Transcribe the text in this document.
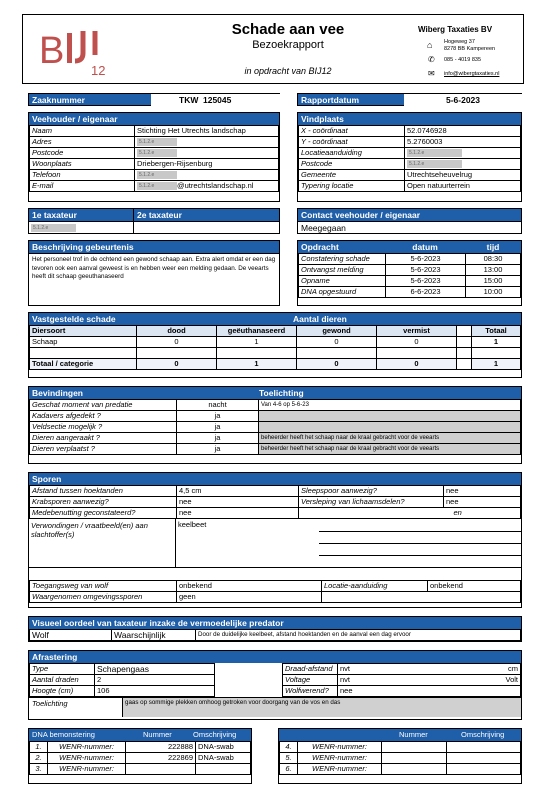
B 12
Schade aan vee
Bezoekrapport
in opdracht van BIJ12
Wiberg Taxaties BV
⌂ Hogeweg 37
8278 BB Kampereen
✆ 085 - 4019 835
✉ info@wibergtaxaties.nl
Zaaknummer	TKW 125045	Rapportdatum	5-6-2023
Veehouder / eigenaar
Naam	Stichting Het Utrechts landschap
Adres	5.1.2.e
Postcode	5.1.2.e
Woonplaats	Driebergen-Rijsenburg
Telefoon	5.1.2.e
E-mail	5.1.2.e @utrechtslandschap.nl
Vindplaats
X - coördinaat	52.0746928
Y - coördinaat	5.2760003
Locatieaanduiding	5.1.2.e
Postcode	5.1.2.e
Gemeente	Utrechtseheuvelrug
Typering locatie	Open natuurterrein
1e taxateur	2e taxateur
5.1.2.e
Contact veehouder / eigenaar
Meegegaan
Beschrijving gebeurtenis
Het personeel trof in de ochtend een gewond schaap aan. Extra alert omdat er een dag tevoren ook een aanval geweest is en hebben weer een melding gedaan. De veearts heeft dit schaap geeuthanaseerd
Opdracht	datum	tijd
Constatering schade	5-6-2023	08:30
Ontvangst melding	5-6-2023	13:00
Opname	5-6-2023	15:00
DNA opgestuurd	6-6-2023	10:00
Vastgestelde schade	Aantal dieren
Diersoort	dood	geëuthanaseerd	gewond	vermist		Totaal
Schaap	0	1	0	0		1

Totaal / categorie	0	1	0	0		1
Bevindingen	Toelichting
Geschat moment van predatie	nacht	Van 4-6 op 5-6-23
Kadavers afgedekt ?	ja	
Veldsectie mogelijk ?	ja	
Dieren aangeraakt ?	ja	beheerder heeft het schaap naar de kraal gebracht voor de veearts
Dieren verplaatst ?	ja	beheerder heeft het schaap naar de kraal gebracht voor de veearts
Sporen
Afstand tussen hoektanden	4,5 cm	Sleepspoor aanwezig?	nee
Krabsporen aanwezig?	nee	Versleping van lichaamsdelen?	nee
Medebenutting geconstateerd?	nee		en
Verwondingen / vraatbeeld(en) aan slachtoffer(s)
keelbeet
Toegangsweg van wolf	onbekend	Locatie-aanduiding	onbekend
Waargenomen omgevingssporen	geen		
Visueel oordeel van taxateur inzake de vermoedelijke predator
Wolf	Waarschijnlijk	Door de duidelijke keelbeet, afstand hoektanden en de aanval een dag ervoor
Afrastering
Type	Schapengaas		Draad-afstand	nvt	cm
Aantal draden	2		Voltage	nvt	Volt
Hoogte (cm)	106		Wolfwerend?	nee	
Toelichting	gaas op sommige plekken omhoog getroken voor doorgang van de vos en das
DNA bemonstering	Nummer	Omschrijving
1.	WENR-nummer:	222888	DNA-swab
2.	WENR-nummer:	222869	DNA-swab
3.	WENR-nummer:		
Nummer	Omschrijving
4.	WENR-nummer:		
5.	WENR-nummer:		
6.	WENR-nummer:		
